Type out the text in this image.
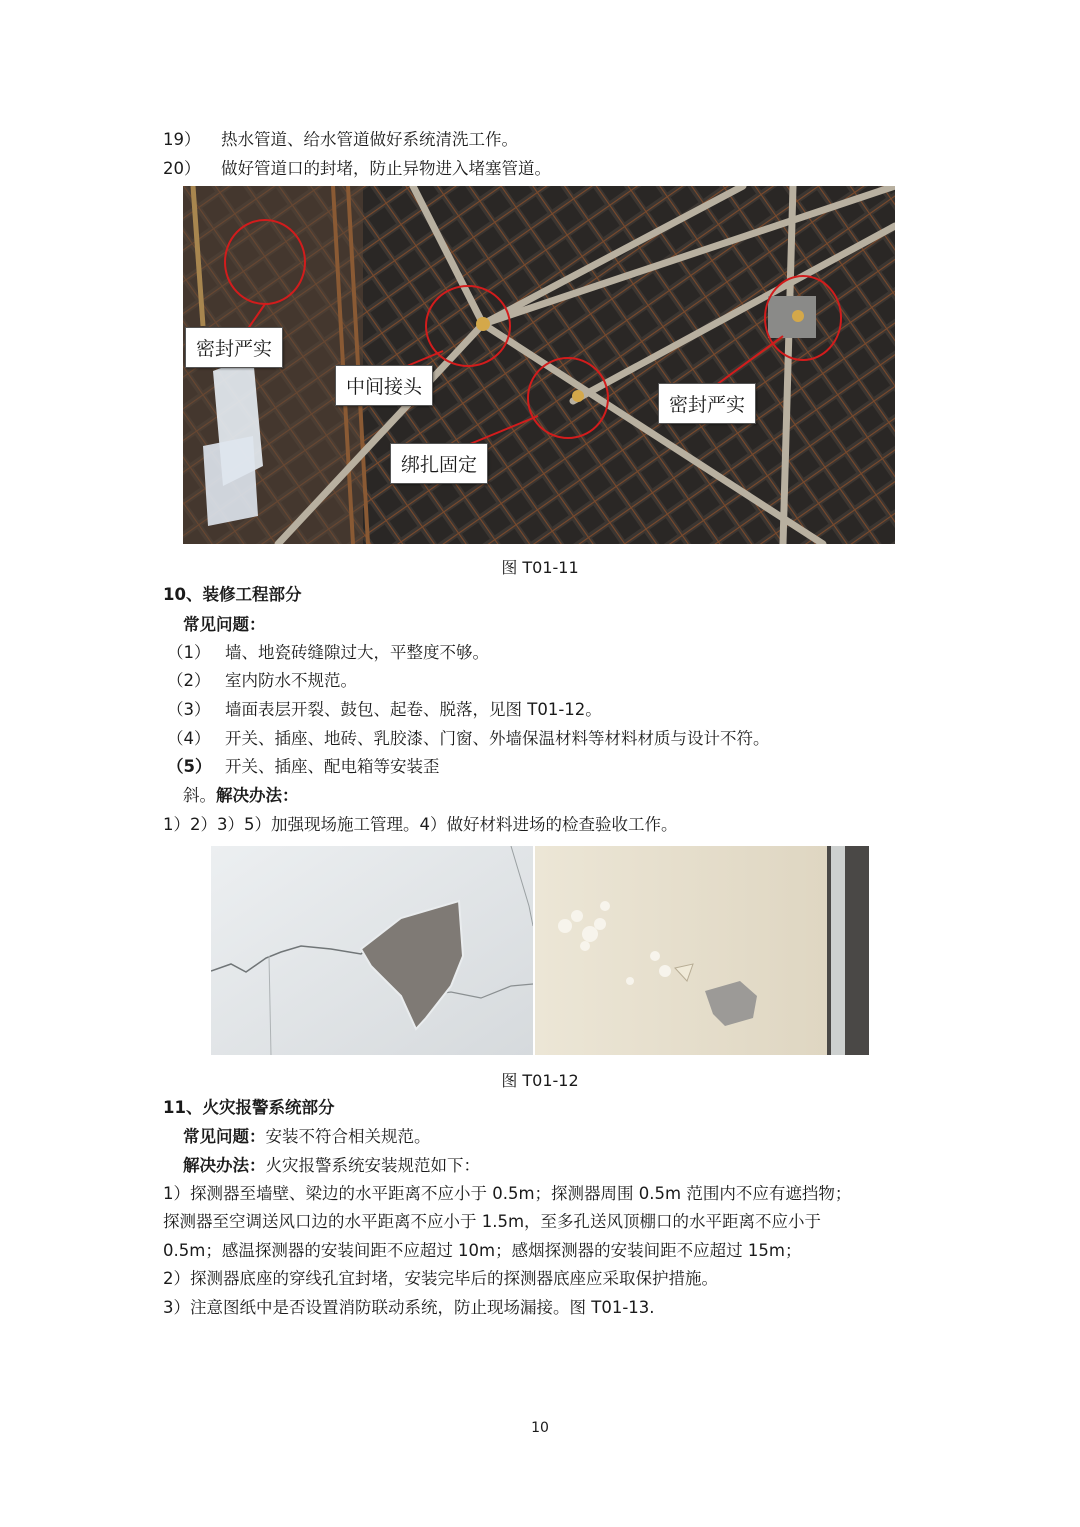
19） 热水管道、给水管道做好系统清洗工作。
20） 做好管道口的封堵，防止异物进入堵塞管道。
密封严实
中间接头
绑扎固定
密封严实
图 T01-11
10、装修工程部分
常见问题：
（1） 墙、地瓷砖缝隙过大，平整度不够。
（2） 室内防水不规范。
（3） 墙面表层开裂、鼓包、起卷、脱落，见图 T01-12。
（4） 开关、插座、地砖、乳胶漆、门窗、外墙保温材料等材料材质与设计不符。
（5） 开关、插座、配电箱等安装歪
斜。解决办法：
1）2）3）5）加强现场施工管理。4）做好材料进场的检查验收工作。
图 T01-12
11、火灾报警系统部分
常见问题：安装不符合相关规范。
解决办法：火灾报警系统安装规范如下：
1）探测器至墙壁、梁边的水平距离不应小于 0.5m；探测器周围 0.5m 范围内不应有遮挡物；
探测器至空调送风口边的水平距离不应小于 1.5m，至多孔送风顶棚口的水平距离不应小于
0.5m；感温探测器的安装间距不应超过 10m；感烟探测器的安装间距不应超过 15m；
2）探测器底座的穿线孔宜封堵，安装完毕后的探测器底座应采取保护措施。
3）注意图纸中是否设置消防联动系统，防止现场漏接。图 T01-13.
10
